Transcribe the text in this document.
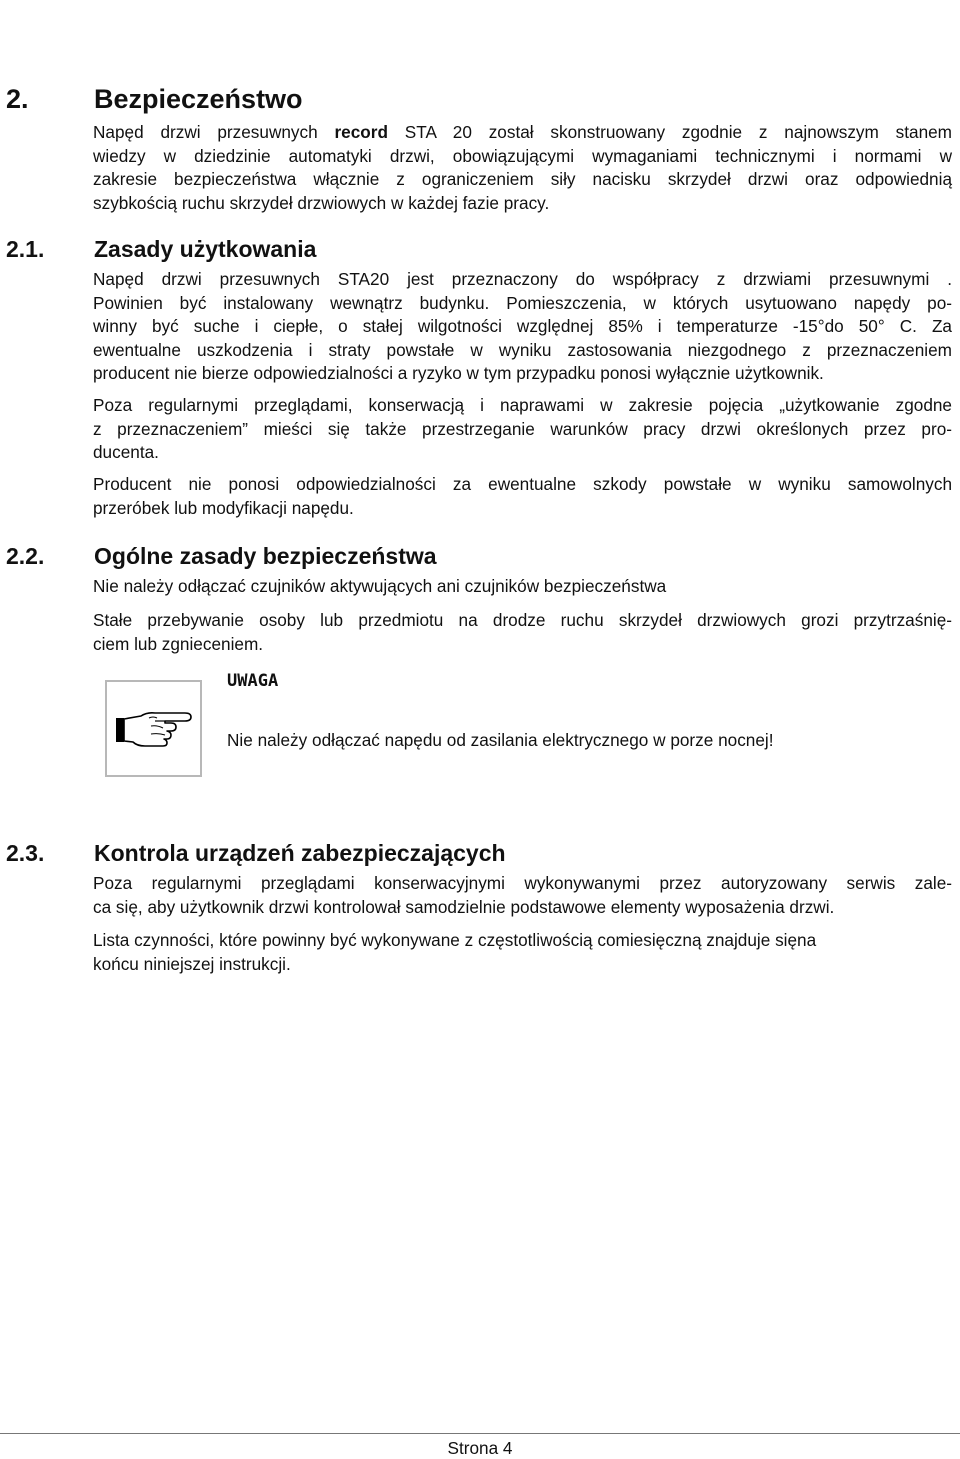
2. Bezpieczeństwo
Napęd drzwi przesuwnych record STA 20 został skonstruowany zgodnie z najnowszym stanem
wiedzy w dziedzinie automatyki drzwi, obowiązującymi wymaganiami technicznymi i normami w
zakresie bezpieczeństwa włącznie z ograniczeniem siły nacisku skrzydeł drzwi oraz odpowiednią
szybkością ruchu skrzydeł drzwiowych w każdej fazie pracy.
2.1. Zasady użytkowania
Napęd drzwi przesuwnych STA20 jest przeznaczony do współpracy z drzwiami przesuwnymi .
Powinien być instalowany wewnątrz budynku. Pomieszczenia, w których usytuowano napędy po-
winny być suche i ciepłe, o stałej wilgotności względnej 85% i temperaturze -15°do 50° C. Za
ewentualne uszkodzenia i straty powstałe w wyniku zastosowania niezgodnego z przeznaczeniem
producent nie bierze odpowiedzialności a ryzyko w tym przypadku ponosi wyłącznie użytkownik.
Poza regularnymi przeglądami, konserwacją i naprawami w zakresie pojęcia „użytkowanie zgodne
z przeznaczeniem” mieści się także przestrzeganie warunków pracy drzwi określonych przez pro-
ducenta.
Producent nie ponosi odpowiedzialności za ewentualne szkody powstałe w wyniku samowolnych
przeróbek lub modyfikacji napędu.
2.2. Ogólne zasady bezpieczeństwa
Nie należy odłączać czujników aktywujących ani czujników bezpieczeństwa
Stałe przebywanie osoby lub przedmiotu na drodze ruchu skrzydeł drzwiowych grozi przytrzaśnię-
ciem lub zgnieceniem.
UWAGA
Nie należy odłączać napędu od zasilania elektrycznego w porze nocnej!
2.3. Kontrola urządzeń zabezpieczających
Poza regularnymi przeglądami konserwacyjnymi wykonywanymi przez autoryzowany serwis zale-
ca się, aby użytkownik drzwi kontrolował samodzielnie podstawowe elementy wyposażenia drzwi.
Lista czynności, które powinny być wykonywane z częstotliwością comiesięczną znajduje sięna
końcu niniejszej instrukcji.
Strona 4
